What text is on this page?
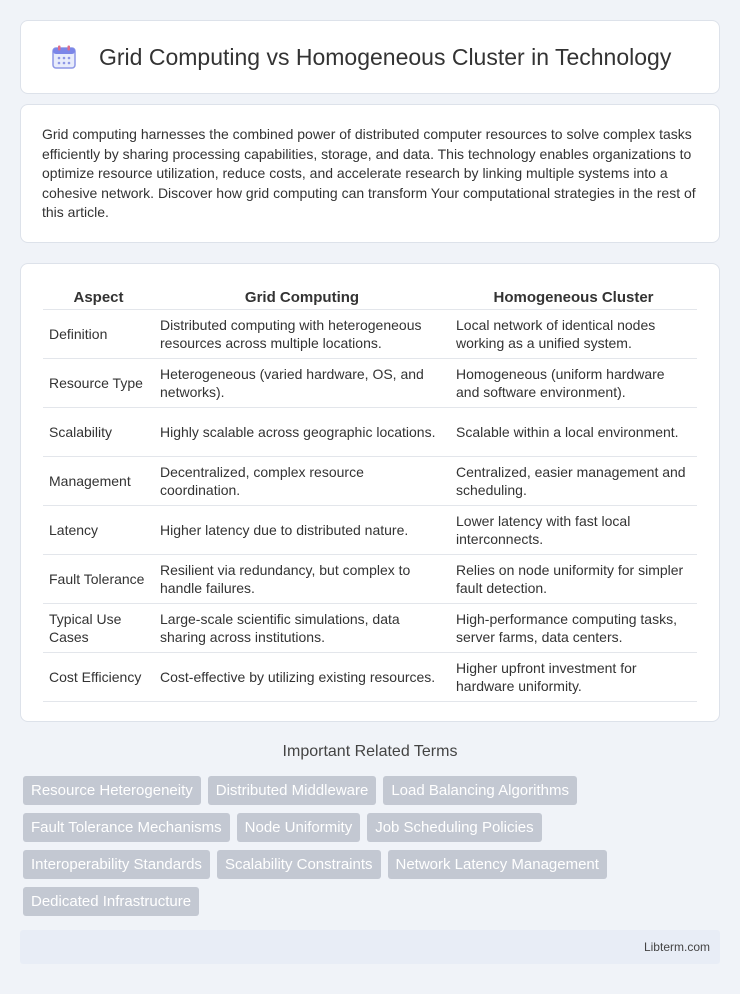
Grid Computing vs Homogeneous Cluster in Technology

Grid computing harnesses the combined power of distributed computer resources to solve complex tasks efficiently by sharing processing capabilities, storage, and data. This technology enables organizations to optimize resource utilization, reduce costs, and accelerate research by linking multiple systems into a cohesive network. Discover how grid computing can transform Your computational strategies in the rest of this article.

Aspect	Grid Computing	Homogeneous Cluster
Definition	Distributed computing with heterogeneous resources across multiple locations.	Local network of identical nodes working as a unified system.
Resource Type	Heterogeneous (varied hardware, OS, and networks).	Homogeneous (uniform hardware and software environment).
Scalability	Highly scalable across geographic locations.	Scalable within a local environment.
Management	Decentralized, complex resource coordination.	Centralized, easier management and scheduling.
Latency	Higher latency due to distributed nature.	Lower latency with fast local interconnects.
Fault Tolerance	Resilient via redundancy, but complex to handle failures.	Relies on node uniformity for simpler fault detection.
Typical Use Cases	Large-scale scientific simulations, data sharing across institutions.	High-performance computing tasks, server farms, data centers.
Cost Efficiency	Cost-effective by utilizing existing resources.	Higher upfront investment for hardware uniformity.
Important Related Terms
Resource Heterogeneity	Distributed Middleware	Load Balancing Algorithms
Fault Tolerance Mechanisms	Node Uniformity	Job Scheduling Policies
Interoperability Standards	Scalability Constraints	Network Latency Management
Dedicated Infrastructure
Libterm.com
